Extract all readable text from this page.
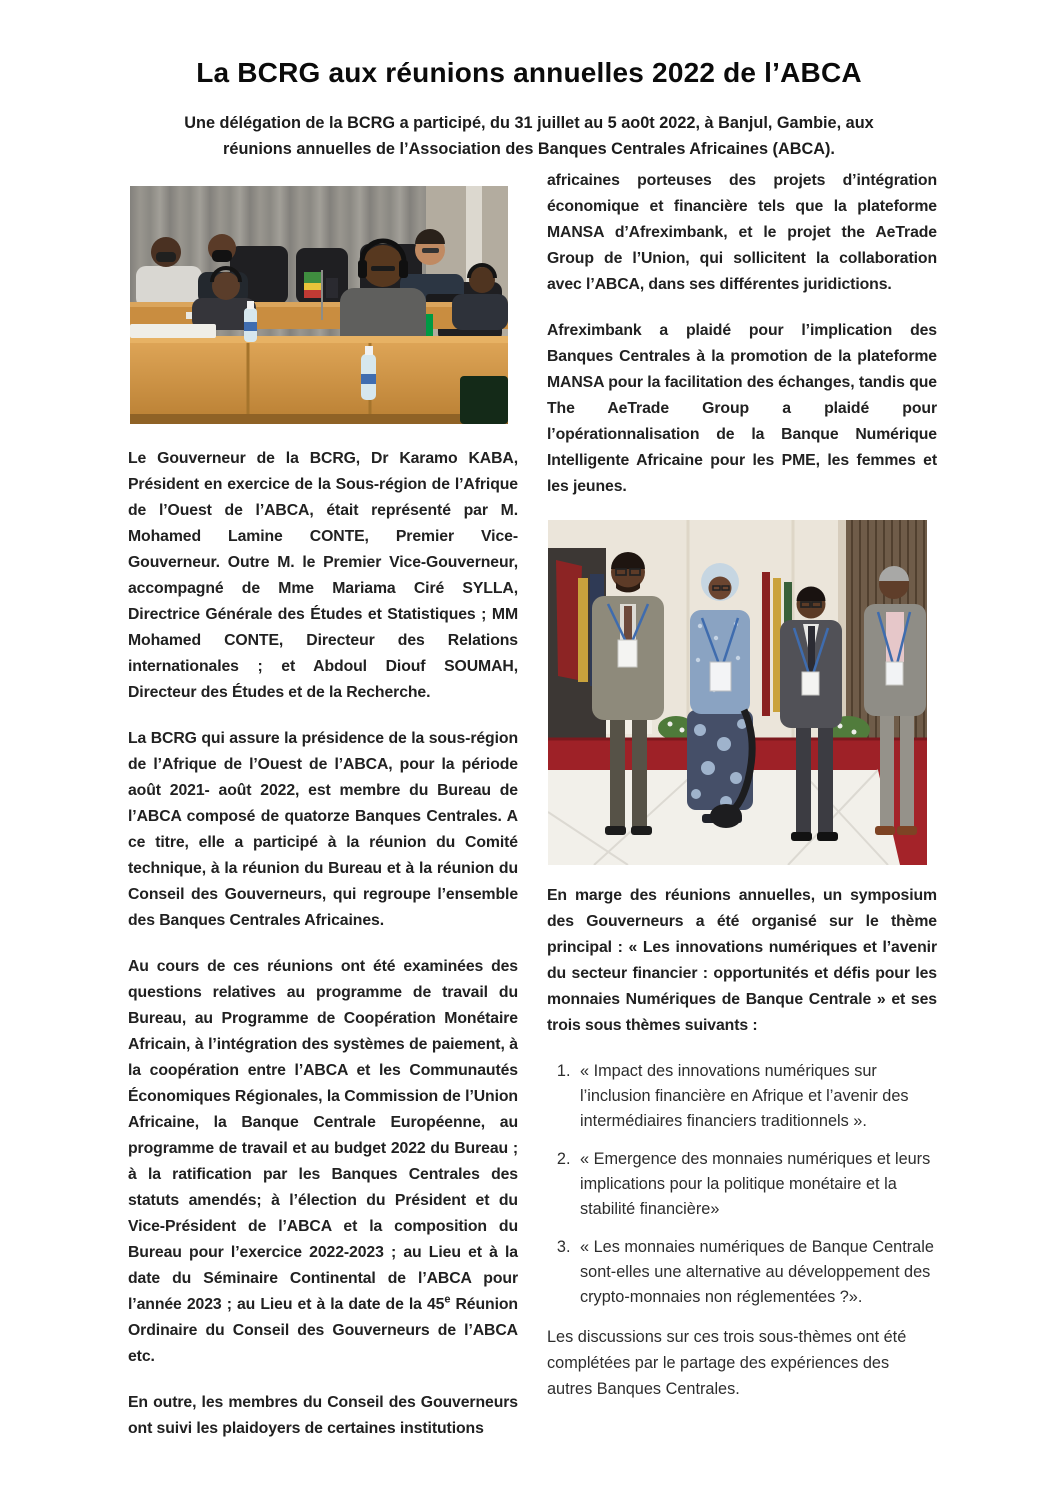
La BCRG aux réunions annuelles 2022 de l’ABCA

Une délégation de la BCRG a participé, du 31 juillet au 5 ao0t 2022, à Banjul, Gambie, aux réunions annuelles de l’Association des Banques Centrales Africaines (ABCA).

Le Gouverneur de la BCRG, Dr Karamo KABA, Président en exercice de la Sous-région de l’Afrique de l’Ouest de l’ABCA, était représenté par M. Mohamed Lamine CONTE, Premier Vice-Gouverneur. Outre M. le Premier Vice-Gouverneur, accompagné de Mme Mariama Ciré SYLLA, Directrice Générale des Études et Statistiques ; MM Mohamed CONTE, Directeur des Relations internationales ; et Abdoul Diouf SOUMAH, Directeur des Études et de la Recherche.

La BCRG qui assure la présidence de la sous-région de l’Afrique de l’Ouest de l’ABCA, pour la période août 2021- août 2022, est membre du Bureau de l’ABCA composé de quatorze Banques Centrales. A ce titre, elle a participé à la réunion du Comité technique, à la réunion du Bureau et à la réunion du Conseil des Gouverneurs, qui regroupe l’ensemble des Banques Centrales Africaines.

Au cours de ces réunions ont été examinées des questions relatives au programme de travail du Bureau, au Programme de Coopération Monétaire Africain, à l’intégration des systèmes de paiement, à la coopération entre l’ABCA et les Communautés Économiques Régionales, la Commission de l’Union Africaine, la Banque Centrale Européenne, au programme de travail et au budget 2022 du Bureau ; à la ratification par les Banques Centrales des statuts amendés; à l’élection du Président et du Vice-Président de l’ABCA et la composition du Bureau pour l’exercice 2022-2023 ; au Lieu et à la date du Séminaire Continental de l’ABCA pour l’année 2023 ; au Lieu et à la date de la 45e Réunion Ordinaire du Conseil des Gouverneurs de l’ABCA etc.

En outre, les membres du Conseil des Gouverneurs ont suivi les plaidoyers de certaines institutions

africaines porteuses des projets d’intégration économique et financière tels que la plateforme MANSA d’Afreximbank, et le projet the AeTrade Group de l’Union, qui sollicitent la collaboration avec l’ABCA, dans ses différentes juridictions.

Afreximbank a plaidé pour l’implication des Banques Centrales à la promotion de la plateforme MANSA pour la facilitation des échanges, tandis que The AeTrade Group a plaidé pour l’opérationnalisation de la Banque Numérique Intelligente Africaine pour les PME, les femmes et les jeunes.

En marge des réunions annuelles, un symposium des Gouverneurs a été organisé sur le thème principal : « Les innovations numériques et l’avenir du secteur financier : opportunités et défis pour les monnaies Numériques de Banque Centrale » et ses trois sous thèmes suivants :

1. « Impact des innovations numériques sur l’inclusion financière en Afrique et l’avenir des intermédiaires financiers traditionnels ».
2. « Emergence des monnaies numériques et leurs implications pour la politique monétaire et la stabilité financière»
3. « Les monnaies numériques de Banque Centrale sont-elles une alternative au développement des crypto-monnaies non réglementées ?».

Les discussions sur ces trois sous-thèmes ont été complétées par le partage des expériences des autres Banques Centrales.
